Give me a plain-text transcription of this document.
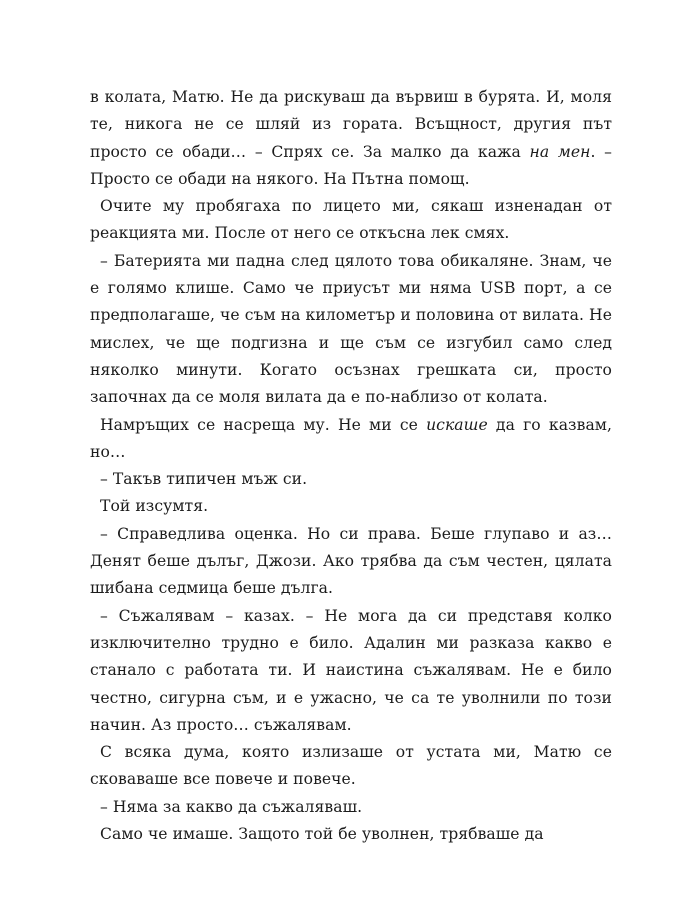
в колата, Матю. Не да рискуваш да вървиш в бурята. И, моля те, никога не се шляй из гората. Всъщност, другия път просто се обади… – Спрях се. За малко да кажа на мен. – Просто се обади на някого. На Пътна помощ.

Очите му пробягаха по лицето ми, сякаш изненадан от реакцията ми. После от него се откъсна лек смях.

– Батерията ми падна след цялото това обикаляне. Знам, че е голямо клише. Само че приусът ми няма USB порт, а се предполагаше, че съм на километър и половина от вилата. Не мислех, че ще подгизна и ще съм се изгубил само след няколко минути. Когато осъзнах грешката си, просто започнах да се моля вилата да е по-наблизо от колата.

Намръщих се насреща му. Не ми се искаше да го казвам, но…

– Такъв типичен мъж си.

Той изсумтя.

– Справедлива оценка. Но си права. Беше глупаво и аз… Денят беше дълъг, Джози. Ако трябва да съм честен, цялата шибана седмица беше дълга.

– Съжалявам – казах. – Не мога да си представя колко изключително трудно е било. Адалин ми разказа какво е станало с работата ти. И наистина съжалявам. Не е било честно, сигурна съм, и е ужасно, че са те уволнили по този начин. Аз просто… съжалявам.

С всяка дума, която излизаше от устата ми, Матю се сковаваше все повече и повече.

– Няма за какво да съжаляваш.

Само че имаше. Защото той бе уволнен, трябваше да
